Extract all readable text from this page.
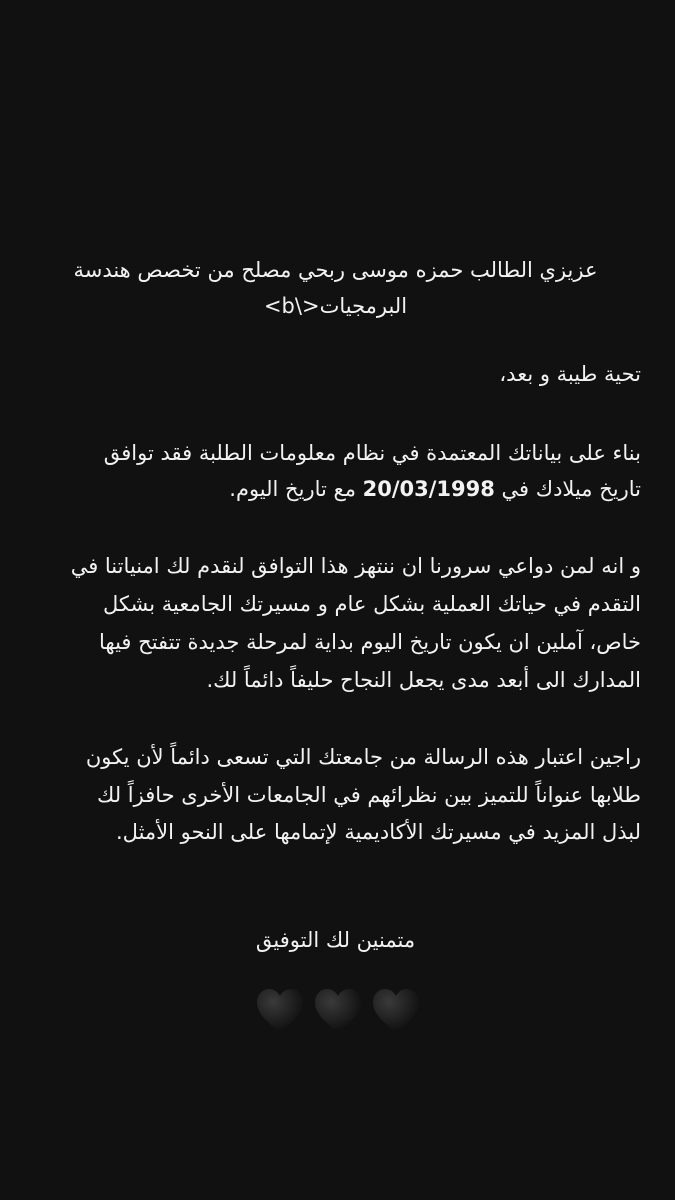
عزيزي الطالب حمزه موسى ربحي مصلح من تخصص هندسة
<b\> البرمجيات
تحية طيبة و بعد،
بناء على بياناتك المعتمدة في نظام معلومات الطلبة فقد توافق
تاريخ ميلادك في 20/03/1998 مع تاريخ اليوم.
و انه لمن دواعي سرورنا ان ننتهز هذا التوافق لنقدم لك امنياتنا في
التقدم في حياتك العملية بشكل عام و مسيرتك الجامعية بشكل
خاص، آملين ان يكون تاريخ اليوم بداية لمرحلة جديدة تتفتح فيها
المدارك الى أبعد مدى يجعل النجاح حليفاً دائماً لك.
راجين اعتبار هذه الرسالة من جامعتك التي تسعى دائماً لأن يكون
طلابها عنواناً للتميز بين نظرائهم في الجامعات الأخرى حافزاً لك
لبذل المزيد في مسيرتك الأكاديمية لإتمامها على النحو الأمثل.
متمنين لك التوفيق
